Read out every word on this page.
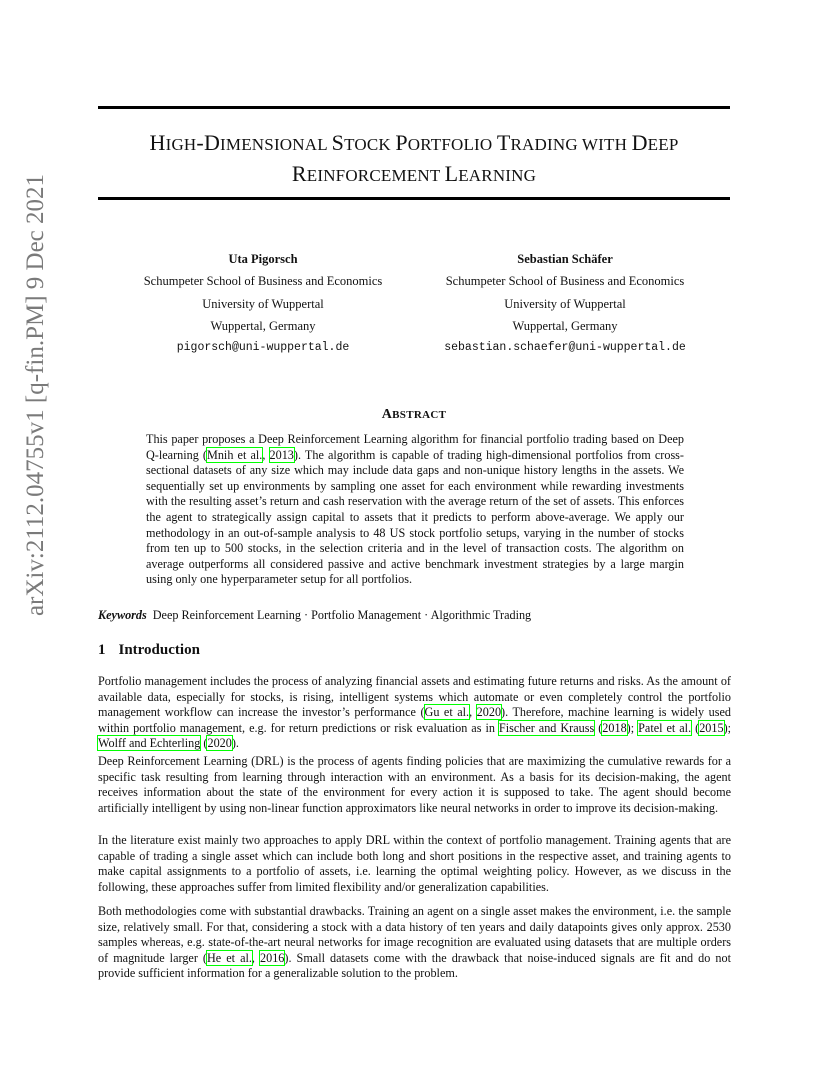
HIGH-DIMENSIONAL STOCK PORTFOLIO TRADING WITH DEEP
REINFORCEMENT LEARNING
arXiv:2112.04755v1 [q-fin.PM] 9 Dec 2021	Uta Pigorsch
Schumpeter School of Business and Economics
University of Wuppertal
Wuppertal, Germany
pigorsch@uni-wuppertal.de
Sebastian Schäfer
Schumpeter School of Business and Economics
University of Wuppertal
Wuppertal, Germany
sebastian.schaefer@uni-wuppertal.de
ABSTRACT
This paper proposes a Deep Reinforcement Learning algorithm for financial portfolio trading based on Deep Q-learning (Mnih et al., 2013). The algorithm is capable of trading high-dimensional portfolios from cross-sectional datasets of any size which may include data gaps and non-unique history lengths in the assets. We sequentially set up environments by sampling one asset for each environment while rewarding investments with the resulting asset’s return and cash reservation with the average return of the set of assets. This enforces the agent to strategically assign capital to assets that it predicts to perform above-average. We apply our methodology in an out-of-sample analysis to 48 US stock portfolio setups, varying in the number of stocks from ten up to 500 stocks, in the selection criteria and in the level of transaction costs. The algorithm on average outperforms all considered passive and active benchmark investment strategies by a large margin using only one hyperparameter setup for all portfolios.
Keywords Deep Reinforcement Learning · Portfolio Management · Algorithmic Trading
1 Introduction

Portfolio management includes the process of analyzing financial assets and estimating future returns and risks. As the amount of available data, especially for stocks, is rising, intelligent systems which automate or even completely control the portfolio management workflow can increase the investor’s performance (Gu et al., 2020). Therefore, machine learning is widely used within portfolio management, e.g. for return predictions or risk evaluation as in Fischer and Krauss (2018); Patel et al. (2015); Wolff and Echterling (2020).

Deep Reinforcement Learning (DRL) is the process of agents finding policies that are maximizing the cumulative rewards for a specific task resulting from learning through interaction with an environment. As a basis for its decision-making, the agent receives information about the state of the environment for every action it is supposed to take. The agent should become artificially intelligent by using non-linear function approximators like neural networks in order to improve its decision-making.

In the literature exist mainly two approaches to apply DRL within the context of portfolio management. Training agents that are capable of trading a single asset which can include both long and short positions in the respective asset, and training agents to make capital assignments to a portfolio of assets, i.e. learning the optimal weighting policy. However, as we discuss in the following, these approaches suffer from limited flexibility and/or generalization capabilities.

Both methodologies come with substantial drawbacks. Training an agent on a single asset makes the environment, i.e. the sample size, relatively small. For that, considering a stock with a data history of ten years and daily datapoints gives only approx. 2530 samples whereas, e.g. state-of-the-art neural networks for image recognition are evaluated using datasets that are multiple orders of magnitude larger (He et al., 2016). Small datasets come with the drawback that noise-induced signals are fit and do not provide sufficient information for a generalizable solution to the problem.
